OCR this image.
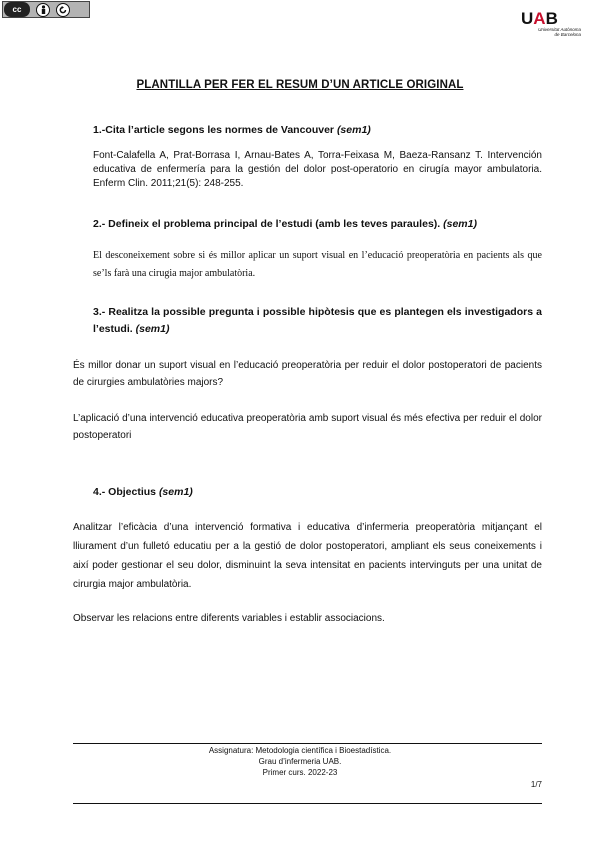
cc	UAB
Universitat Autònoma
de Barcelona
PLANTILLA PER FER EL RESUM D’UN ARTICLE ORIGINAL
1.-Cita l’article segons les normes de Vancouver (sem1)
Font-Calafella A, Prat-Borrasa I, Arnau-Bates A, Torra-Feixasa M, Baeza-Ransanz T. Intervención educativa de enfermería para la gestión del dolor post-operatorio en cirugía mayor ambulatoria. Enferm Clin. 2011;21(5): 248-255.
2.- Defineix el problema principal de l’estudi (amb les teves paraules). (sem1)
El desconeixement sobre si és millor aplicar un suport visual en l’educació preoperatòria en pacients als que se’ls farà una cirugia major ambulatòria.
3.- Realitza la possible pregunta i possible hipòtesis que es plantegen els investigadors a l’estudi. (sem1)
És millor donar un suport visual en l’educació preoperatòria per reduir el dolor postoperatori de pacients de cirurgies ambulatòries majors?
L’aplicació d’una intervenció educativa preoperatòria amb suport visual és més efectiva per reduir el dolor postoperatori
4.- Objectius (sem1)
Analitzar l’eficàcia d’una intervenció formativa i educativa d’infermeria preoperatòria mitjançant el lliurament d’un fulletó educatiu per a la gestió de dolor postoperatori, ampliant els seus coneixements i així poder gestionar el seu dolor, disminuint la seva intensitat en pacients intervinguts per una unitat de cirurgia major ambulatòria.
Observar les relacions entre diferents variables i establir associacions.
Assignatura: Metodologia científica i Bioestadística.
Grau d’infermeria UAB.
Primer curs. 2022-23
1/7
